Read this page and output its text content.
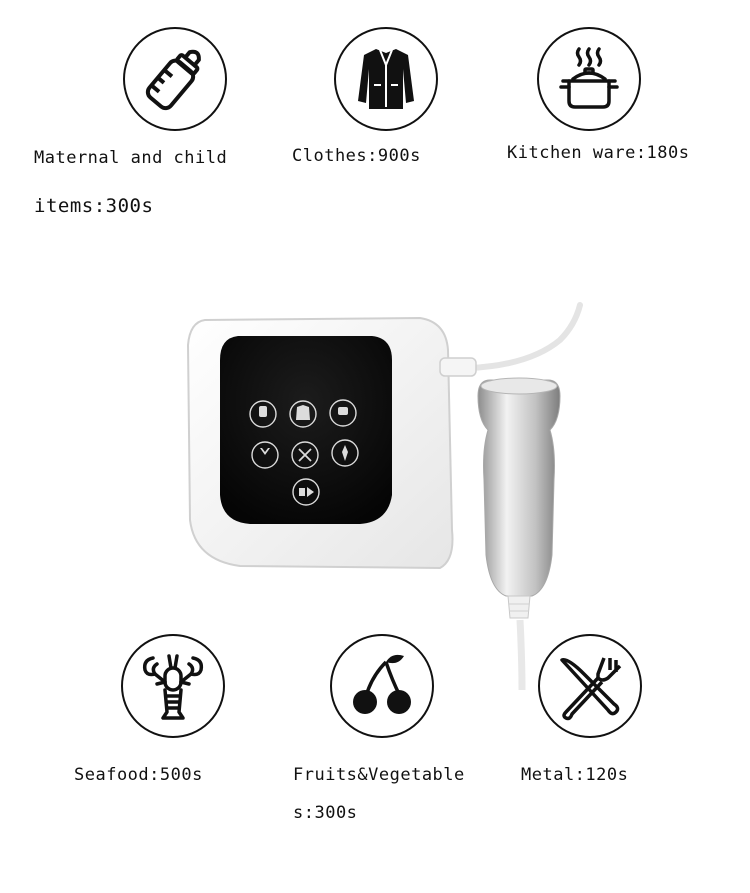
Maternal and child
items:300s
Clothes:900s	Kitchen ware:180s
Seafood:500s	Fruits&Vegetable
s:300s
Metal:120s
